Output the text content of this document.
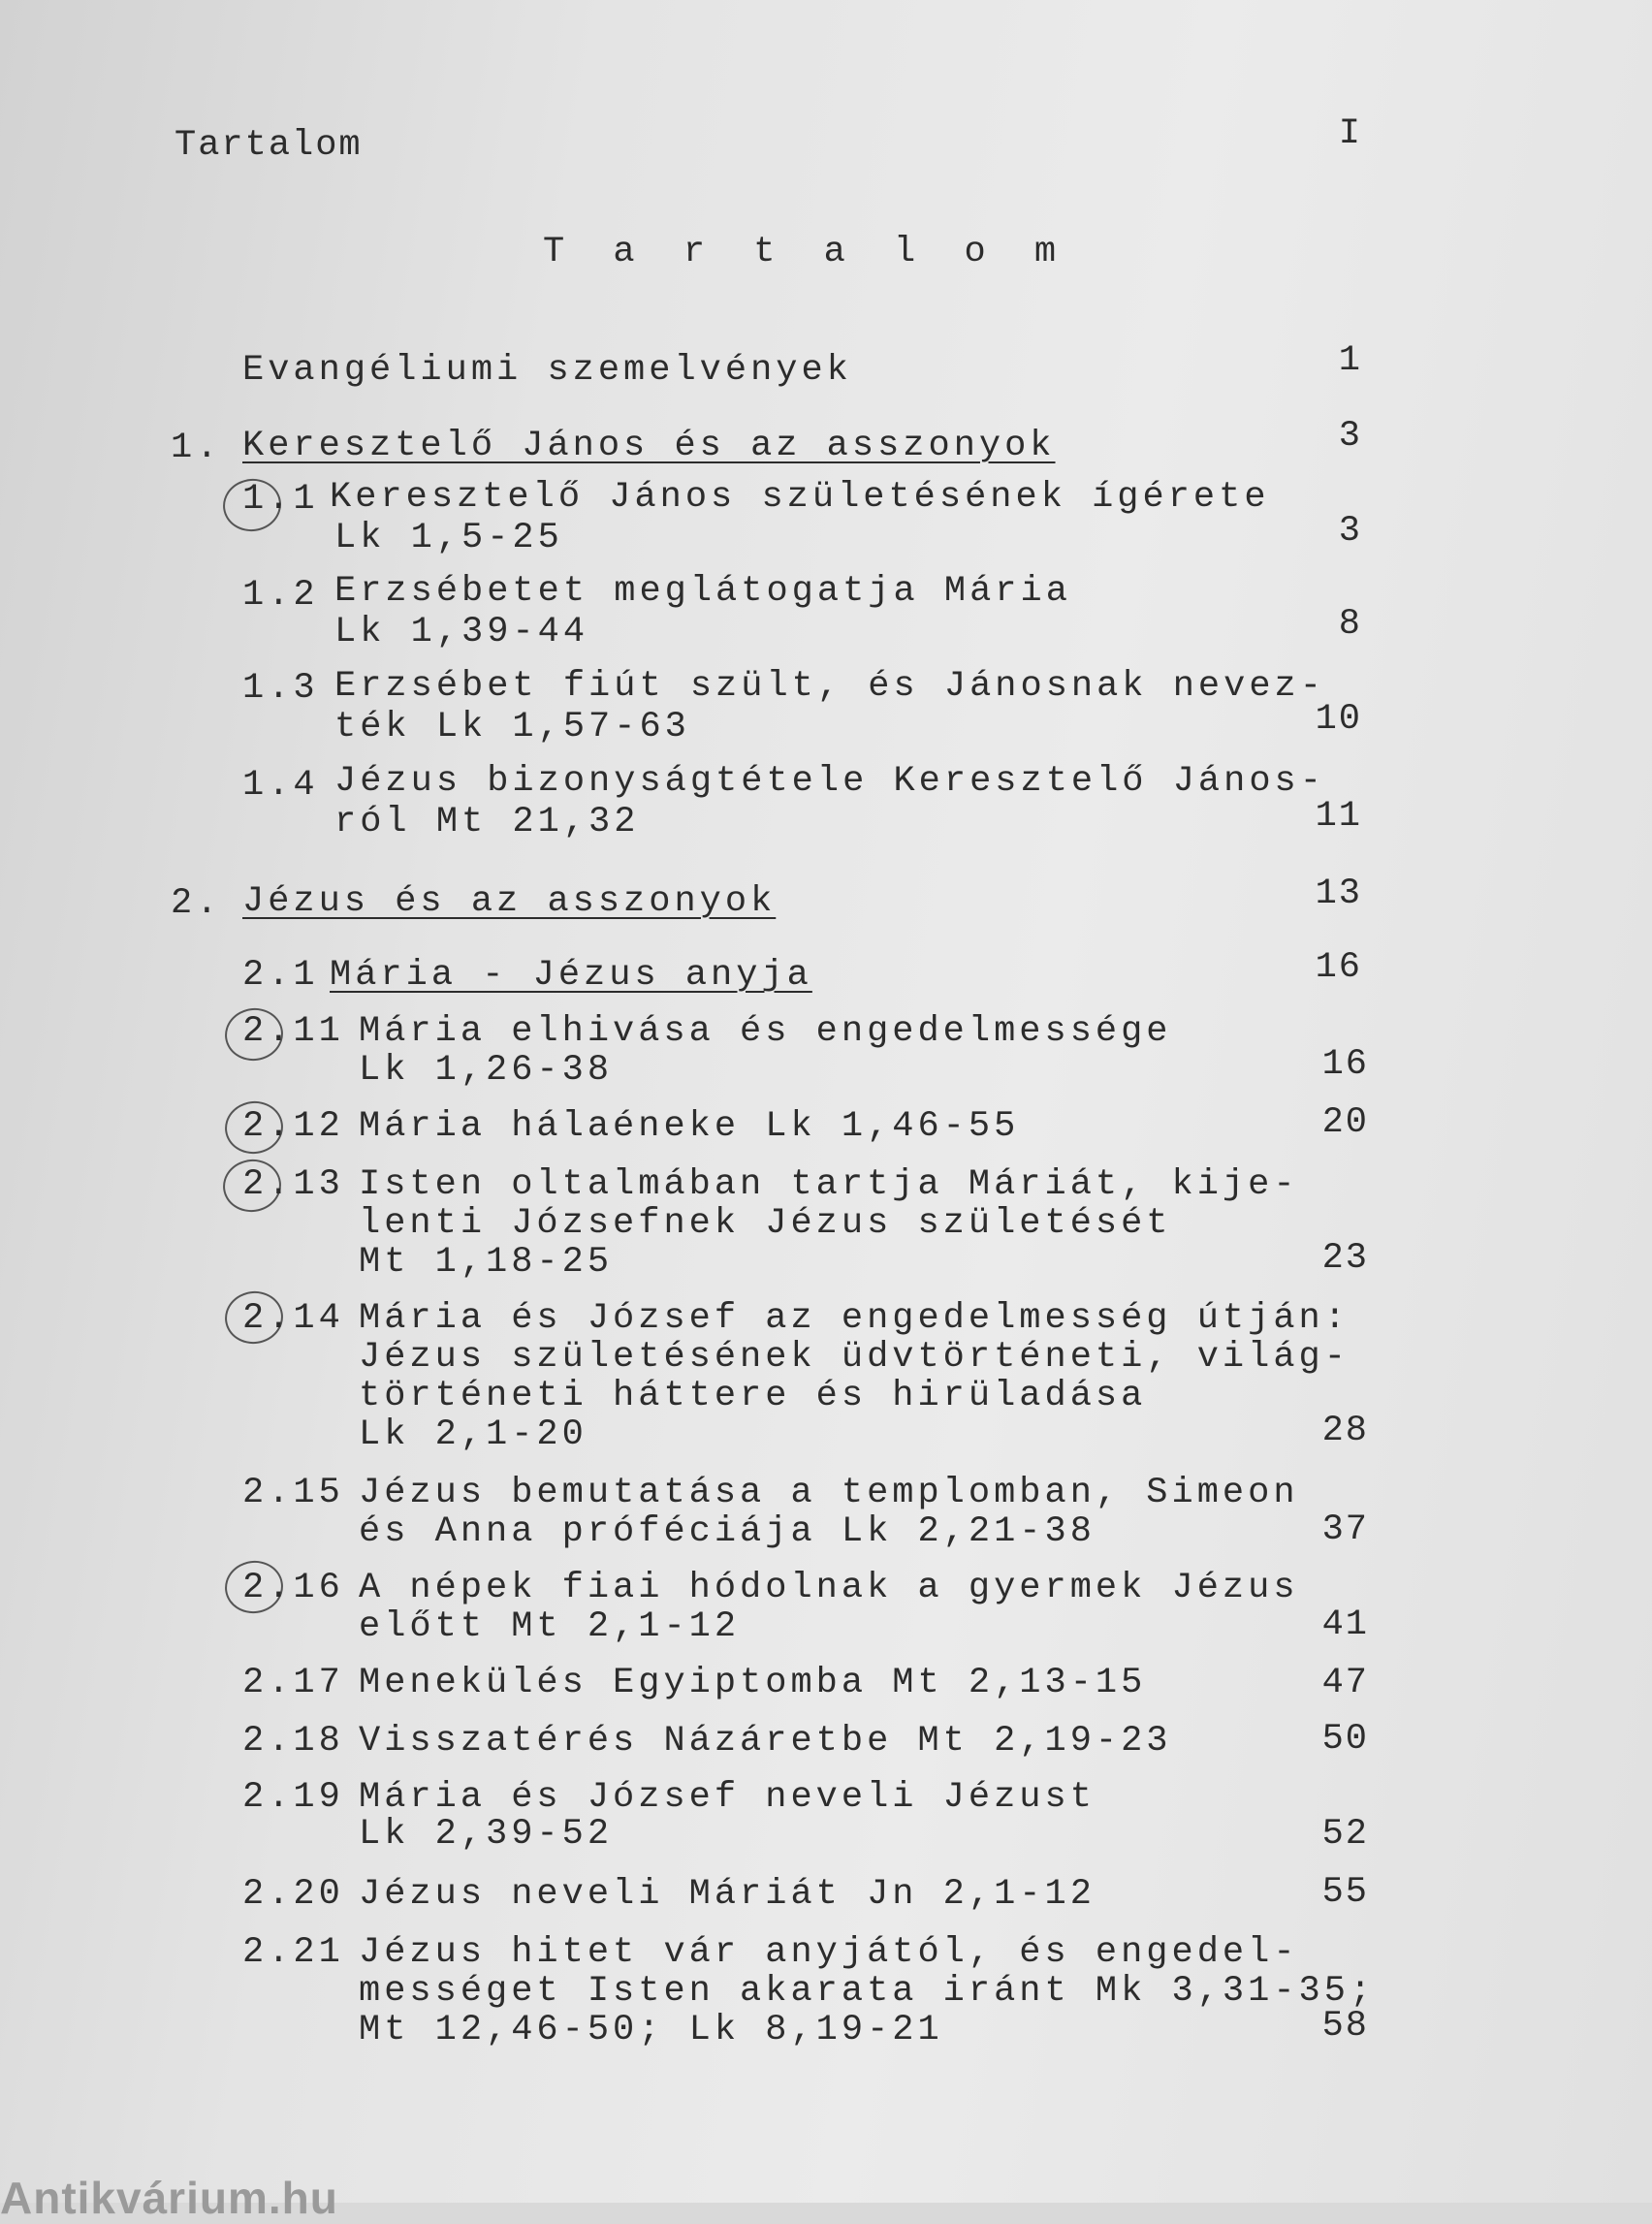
Tartalom	I
T a r t a l o m
Evangéliumi szemelvények	1
1. Keresztelő János és az asszonyok	3
1.1 Keresztelő János születésének ígérete
Lk 1,5-25	3
1.2 Erzsébetet meglátogatja Mária
Lk 1,39-44	8
1.3 Erzsébet fiút szült, és Jánosnak nevez-
ték Lk 1,57-63	10
1.4 Jézus bizonyságtétele Keresztelő János-
ról Mt 21,32	11
2. Jézus és az asszonyok	13
2.1 Mária - Jézus anyja	16
2.11 Mária elhivása és engedelmessége
Lk 1,26-38	16
2.12 Mária hálaéneke Lk 1,46-55	20
2.13 Isten oltalmában tartja Máriát, kije-
lenti Józsefnek Jézus születését
Mt 1,18-25	23
2.14 Mária és József az engedelmesség útján:
Jézus születésének üdvtörténeti, világ-
történeti háttere és hirüladása
Lk 2,1-20	28
2.15 Jézus bemutatása a templomban, Simeon
és Anna próféciája Lk 2,21-38	37
2.16 A népek fiai hódolnak a gyermek Jézus
előtt Mt 2,1-12	41
2.17 Menekülés Egyiptomba Mt 2,13-15	47
2.18 Visszatérés Názáretbe Mt 2,19-23	50
2.19 Mária és József neveli Jézust
Lk 2,39-52	52
2.20 Jézus neveli Máriát Jn 2,1-12	55
2.21 Jézus hitet vár anyjától, és engedel-
mességet Isten akarata iránt Mk 3,31-35;
Mt 12,46-50; Lk 8,19-21	58
Antikvárium.hu
